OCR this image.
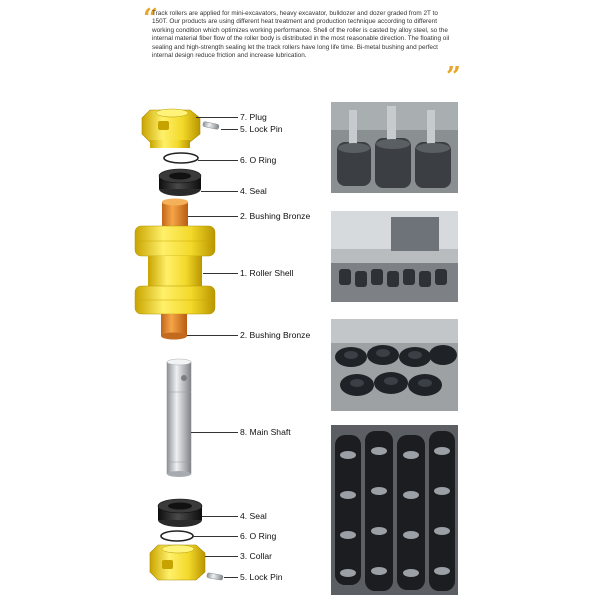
“

Track rollers are applied for mini-excavators, heavy excavator, bulldozer and dozer graded from 2T to 150T. Our products are using different heat treatment and production technique according to different working condition which optimizes working performance. Shell of the roller is casted by alloy steel, so the internal material fiber flow of the roller body is distributed in the most reasonable direction. The floating oil sealing and high-strength sealing let the track rollers have long life time. Bi-metal bushing and perfect internal design reduce friction and increase lubrication.

”
7. Plug
5. Lock Pin
6. O Ring
4. Seal
2. Bushing Bronze
1. Roller Shell
2. Bushing Bronze
8. Main Shaft
4. Seal
6. O Ring
3. Collar
5. Lock Pin
